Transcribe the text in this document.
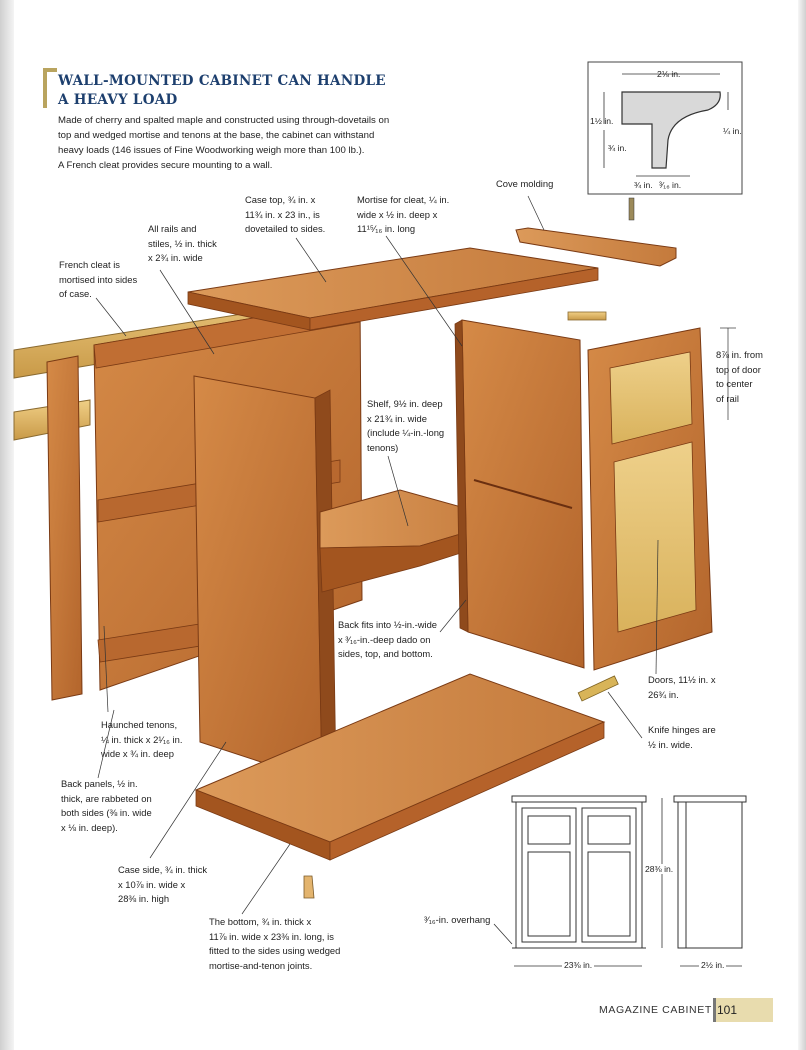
WALL-MOUNTED CABINET CAN HANDLE
A HEAVY LOAD
Made of cherry and spalted maple and constructed using through-dovetails on
top and wedged mortise and tenons at the base, the cabinet can withstand
heavy loads (146 issues of Fine Woodworking weigh more than 100 lb.).
A French cleat provides secure mounting to a wall.
2⅛ in.
1½ in.
¾ in.
¼ in.
¾ in. ³⁄₁₆ in.
Cove molding
Case top, ¾ in. x
11¾ in. x 23 in., is
dovetailed to sides.
Mortise for cleat, ¼ in.
wide x ½ in. deep x
11¹⁵⁄₁₆ in. long
All rails and
stiles, ½ in. thick
x 2¾ in. wide
French cleat is
mortised into sides
of case.
8⅞ in. from
top of door
to center
of rail
Shelf, 9½ in. deep
x 21¾ in. wide
(include ¼-in.-long
tenons)
Back fits into ½-in.-wide
x ³⁄₁₆-in.-deep dado on
sides, top, and bottom.
Doors, 11½ in. x
26¾ in.
Knife hinges are
½ in. wide.
Haunched tenons,
¼ in. thick x 2¹⁄₁₆ in.
wide x ¾ in. deep
Back panels, ½ in.
thick, are rabbeted on
both sides (⅜ in. wide
x ⅛ in. deep).
Case side, ¾ in. thick
x 10⅞ in. wide x
28⅜ in. high
The bottom, ¾ in. thick x
11⅞ in. wide x 23⅜ in. long, is
fitted to the sides using wedged
mortise-and-tenon joints.
³⁄₁₆-in. overhang
28⅜ in.
23⅜ in.	2½ in.
MAGAZINE CABINET 101
